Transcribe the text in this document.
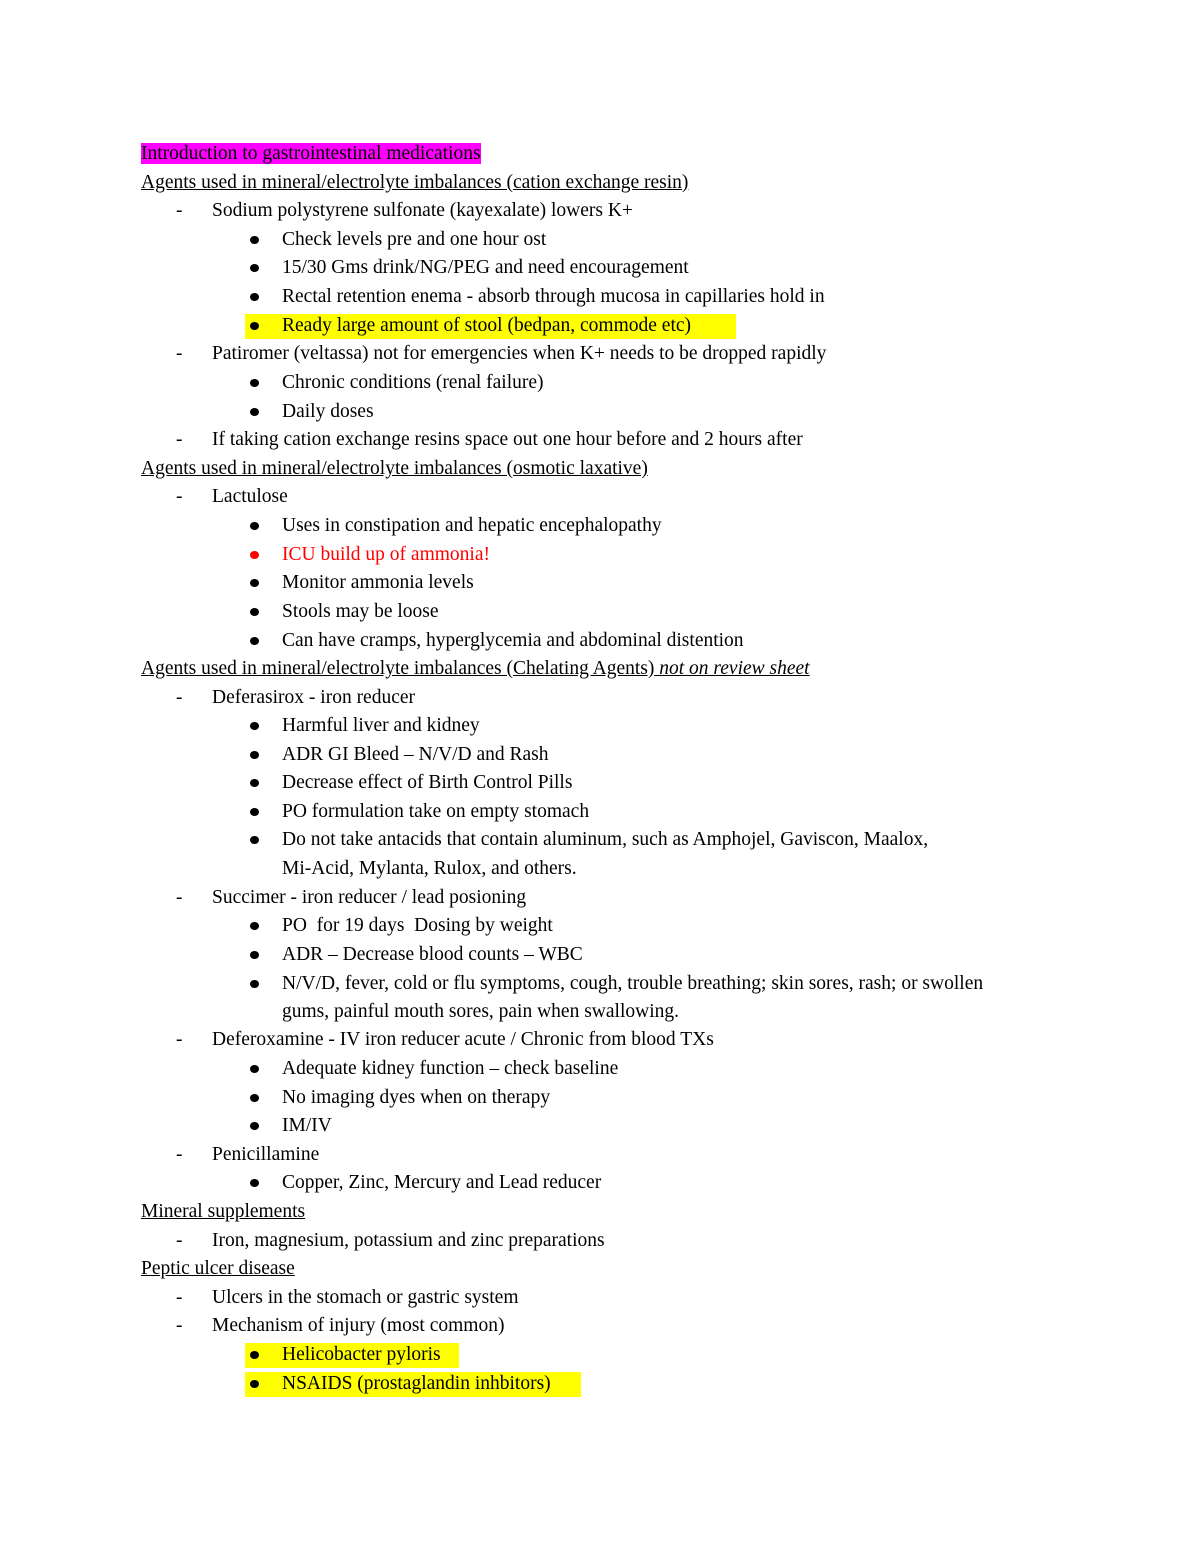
Introduction to gastrointestinal medications
Agents used in mineral/electrolyte imbalances (cation exchange resin)
- Sodium polystyrene sulfonate (kayexalate) lowers K+
Check levels pre and one hour ost
15/30 Gms drink/NG/PEG and need encouragement
Rectal retention enema - absorb through mucosa in capillaries hold in
Ready large amount of stool (bedpan, commode etc)
- Patiromer (veltassa) not for emergencies when K+ needs to be dropped rapidly
Chronic conditions (renal failure)
Daily doses
- If taking cation exchange resins space out one hour before and 2 hours after
Agents used in mineral/electrolyte imbalances (osmotic laxative)
- Lactulose
Uses in constipation and hepatic encephalopathy
ICU build up of ammonia!
Monitor ammonia levels
Stools may be loose
Can have cramps, hyperglycemia and abdominal distention
Agents used in mineral/electrolyte imbalances (Chelating Agents) not on review sheet
- Deferasirox - iron reducer
Harmful liver and kidney
ADR GI Bleed – N/V/D and Rash
Decrease effect of Birth Control Pills
PO formulation take on empty stomach
Do not take antacids that contain aluminum, such as Amphojel, Gaviscon, Maalox,
Mi-Acid, Mylanta, Rulox, and others.
- Succimer - iron reducer / lead posioning
PO  for 19 days  Dosing by weight
ADR – Decrease blood counts – WBC
N/V/D, fever, cold or flu symptoms, cough, trouble breathing; skin sores, rash; or swollen
gums, painful mouth sores, pain when swallowing.
- Deferoxamine - IV iron reducer acute / Chronic from blood TXs
Adequate kidney function – check baseline
No imaging dyes when on therapy
IM/IV
- Penicillamine
Copper, Zinc, Mercury and Lead reducer
Mineral supplements
- Iron, magnesium, potassium and zinc preparations
Peptic ulcer disease
- Ulcers in the stomach or gastric system
- Mechanism of injury (most common)
Helicobacter pyloris
NSAIDS (prostaglandin inhbitors)
